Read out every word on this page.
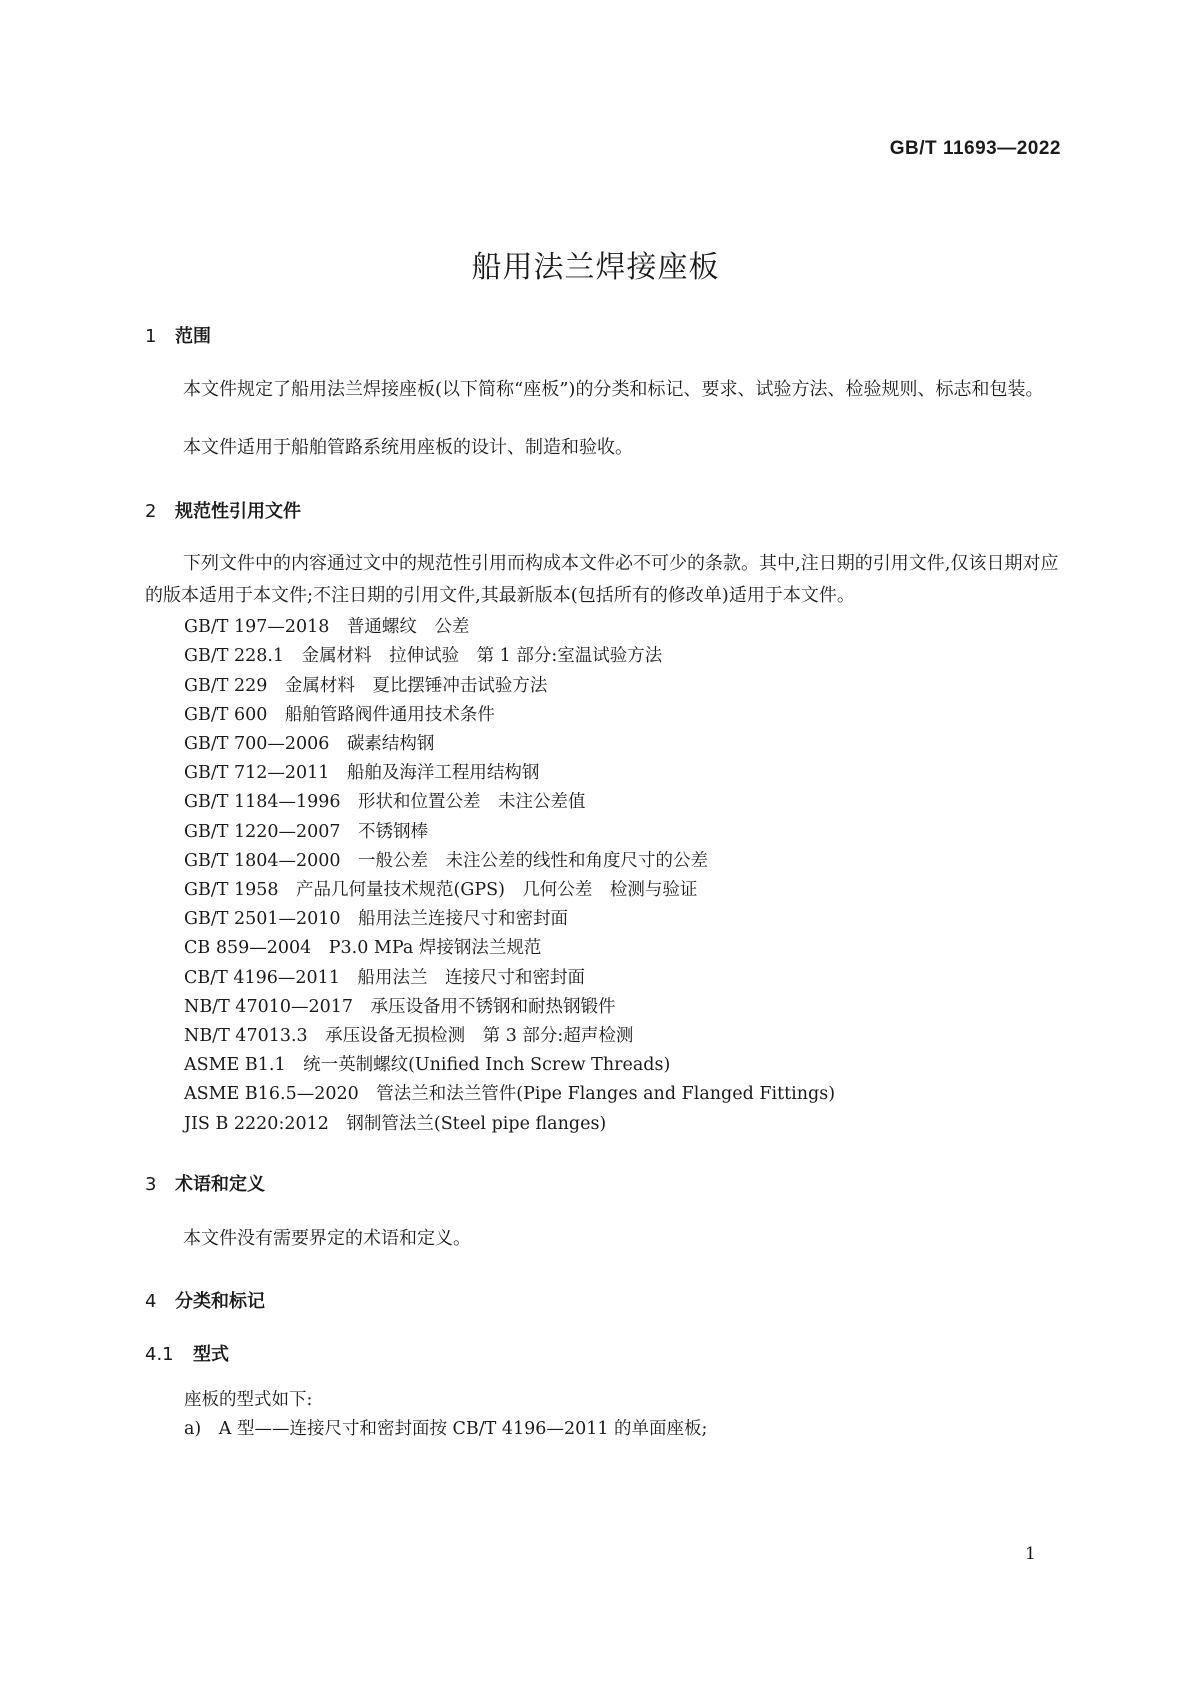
GB/T 11693—2022
船用法兰焊接座板
1 范围
本文件规定了船用法兰焊接座板(以下简称“座板”)的分类和标记、要求、试验方法、检验规则、标志和包装。
本文件适用于船舶管路系统用座板的设计、制造和验收。
2 规范性引用文件
下列文件中的内容通过文中的规范性引用而构成本文件必不可少的条款。其中,注日期的引用文件,仅该日期对应的版本适用于本文件;不注日期的引用文件,其最新版本(包括所有的修改单)适用于本文件。
GB/T 197—2018　普通螺纹　公差
GB/T 228.1　金属材料　拉伸试验　第 1 部分:室温试验方法
GB/T 229　金属材料　夏比摆锤冲击试验方法
GB/T 600　船舶管路阀件通用技术条件
GB/T 700—2006　碳素结构钢
GB/T 712—2011　船舶及海洋工程用结构钢
GB/T 1184—1996　形状和位置公差　未注公差值
GB/T 1220—2007　不锈钢棒
GB/T 1804—2000　一般公差　未注公差的线性和角度尺寸的公差
GB/T 1958　产品几何量技术规范(GPS)　几何公差　检测与验证
GB/T 2501—2010　船用法兰连接尺寸和密封面
CB 859—2004　P3.0 MPa 焊接钢法兰规范
CB/T 4196—2011　船用法兰　连接尺寸和密封面
NB/T 47010—2017　承压设备用不锈钢和耐热钢锻件
NB/T 47013.3　承压设备无损检测　第 3 部分:超声检测
ASME B1.1　统一英制螺纹(Unified Inch Screw Threads)
ASME B16.5—2020　管法兰和法兰管件(Pipe Flanges and Flanged Fittings)
JIS B 2220:2012　钢制管法兰(Steel pipe flanges)
3 术语和定义
本文件没有需要界定的术语和定义。
4 分类和标记
4.1 型式
座板的型式如下:
a)　A 型——连接尺寸和密封面按 CB/T 4196—2011 的单面座板;
1
